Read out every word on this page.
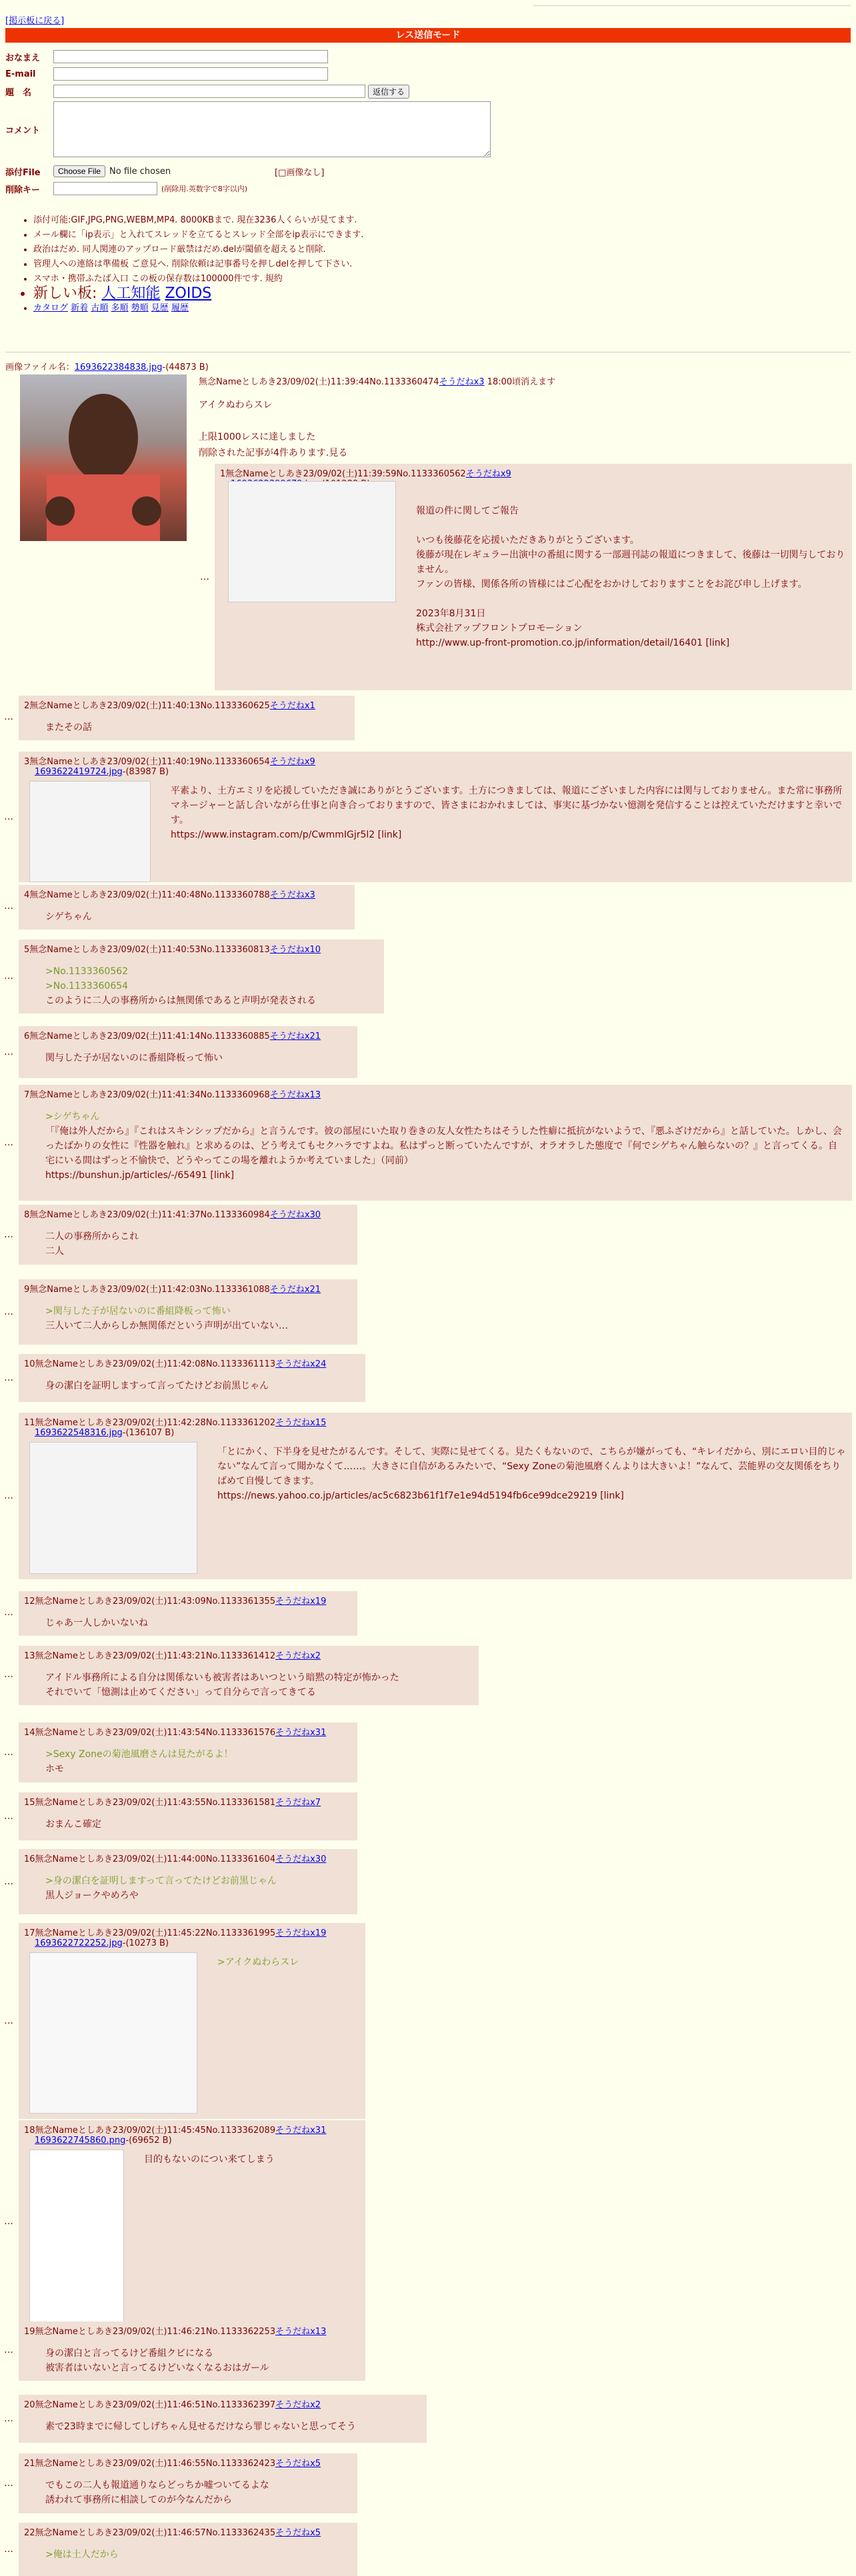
[掲示板に戻る]
レス送信モード
おなまえ
E-mail
題　名	返信する
コメント
添付File	Choose File	No file chosen	[□画像なし]
削除キー	(削除用.英数字で8字以内)
• 添付可能:GIF,JPG,PNG,WEBM,MP4. 8000KBまで. 現在3236人くらいが見てます.
• メール欄に「ip表示」と入れてスレッドを立てるとスレッド全部をip表示にできます.
• 政治はだめ. 同人関連のアップロード厳禁はだめ.delが閾値を超えると削除.
• 管理人への連絡は準備板 ご意見へ. 削除依頼は記事番号を押しdelを押して下さい.
• スマホ・携帯ふたば入口 この板の保存数は100000件です. 規約
• 新しい板: 人工知能 ZOIDS
• カタログ 新着 古順 多順 勢順 見歴 履歴
画像ファイル名：1693622384838.jpg-(44873 B)
無念Nameとしあき23/09/02(土)11:39:44No.1133360474そうだねx3 18:00頃消えます
アイクぬわらスレ
上限1000レスに達しました
削除された記事が4件あります.見る
…
1無念Nameとしあき23/09/02(土)11:39:59No.1133360562そうだねx9
報道の件に関してご報告
いつも後藤花を応援いただきありがとうございます。
後藤が現在レギュラー出演中の番組に関する一部週刊誌の報道につきまして、後藤は一切関与しておりません。
ファンの皆様、関係各所の皆様にはご心配をおかけしておりますことをお詫び申し上げます。
2023年8月31日
株式会社アップフロントプロモーション
http://www.up-front-promotion.co.jp/information/detail/16401 [link]
…
2無念Nameとしあき23/09/02(土)11:40:13No.1133360625そうだねx1
またその話
…
3無念Nameとしあき23/09/02(土)11:40:19No.1133360654そうだねx9
1693622419724.jpg-(83987 B)
平素より、土方エミリを応援していただき誠にありがとうございます。土方につきましては、報道にございました内容には関与しておりません。また常に事務所マネージャーと話し合いながら仕事と向き合っておりますので、皆さまにおかれましては、事実に基づかない憶測を発信することは控えていただけますと幸いです。
https://www.instagram.com/p/CwmmIGjr5l2 [link]
…
4無念Nameとしあき23/09/02(土)11:40:48No.1133360788そうだねx3
シゲちゃん
…
5無念Nameとしあき23/09/02(土)11:40:53No.1133360813そうだねx10
>No.1133360562
>No.1133360654
このように二人の事務所からは無関係であると声明が発表される
…
6無念Nameとしあき23/09/02(土)11:41:14No.1133360885そうだねx21
関与した子が居ないのに番組降板って怖い
…
7無念Nameとしあき23/09/02(土)11:41:34No.1133360968そうだねx13
>シゲちゃん
「『俺は外人だから』『これはスキンシップだから』と言うんです。彼の部屋にいた取り巻きの友人女性たちはそうした性癖に抵抗がないようで、『悪ふざけだから』と話していた。しかし、会ったばかりの女性に『性器を触れ』と求めるのは、どう考えてもセクハラですよね。私はずっと断っていたんですが、オラオラした態度で『何でシゲちゃん触らないの？』と言ってくる。自宅にいる間はずっと不愉快で、どうやってこの場を離れようか考えていました」（同前）
https://bunshun.jp/articles/-/65491 [link]
…
8無念Nameとしあき23/09/02(土)11:41:37No.1133360984そうだねx30
二人の事務所からこれ
二人
…
9無念Nameとしあき23/09/02(土)11:42:03No.1133361088そうだねx21
>関与した子が居ないのに番組降板って怖い
三人いて二人からしか無関係だという声明が出ていない…
…
10無念Nameとしあき23/09/02(土)11:42:08No.1133361113そうだねx24
身の潔白を証明しますって言ってたけどお前黒じゃん
…
11無念Nameとしあき23/09/02(土)11:42:28No.1133361202そうだねx15
1693622548316.jpg-(136107 B)
「とにかく、下半身を見せたがるんです。そして、実際に見せてくる。見たくもないので、こちらが嫌がっても、“キレイだから、別にエロい目的じゃない”なんて言って聞かなくて……。大きさに自信があるみたいで、“Sexy Zoneの菊池風磨くんよりは大きいよ！”なんて、芸能界の交友関係をちりばめて自慢してきます。
https://news.yahoo.co.jp/articles/ac5c6823b61f1f7e1e94d5194fb6ce99dce29219 [link]
…
12無念Nameとしあき23/09/02(土)11:43:09No.1133361355そうだねx19
じゃあ一人しかいないね
…
13無念Nameとしあき23/09/02(土)11:43:21No.1133361412そうだねx2
アイドル事務所による自分は関係ないも被害者はあいつという暗黙の特定が怖かった
それでいて「憶測は止めてください」って自分らで言ってきてる
…
14無念Nameとしあき23/09/02(土)11:43:54No.1133361576そうだねx31
>Sexy Zoneの菊池風磨さんは見たがるよ！
ホモ
…
15無念Nameとしあき23/09/02(土)11:43:55No.1133361581そうだねx7
おまんこ確定
…
16無念Nameとしあき23/09/02(土)11:44:00No.1133361604そうだねx30
>身の潔白を証明しますって言ってたけどお前黒じゃん
黒人ジョークやめろや
…
17無念Nameとしあき23/09/02(土)11:45:22No.1133361995そうだねx19
1693622722252.jpg-(10273 B)
>アイクぬわらスレ
…
18無念Nameとしあき23/09/02(土)11:45:45No.1133362089そうだねx31
1693622745860.png-(69652 B)
目的もないのについ来てしまう
…
19無念Nameとしあき23/09/02(土)11:46:21No.1133362253そうだねx13
身の潔白と言ってるけど番組クビになる
被害者はいないと言ってるけどいなくなるおはガール
…
20無念Nameとしあき23/09/02(土)11:46:51No.1133362397そうだねx2
素で23時までに帰してしげちゃん見せるだけなら罪じゃないと思ってそう
…
21無念Nameとしあき23/09/02(土)11:46:55No.1133362423そうだねx5
でもこの二人も報道通りならどっちか嘘ついてるよな
誘われて事務所に相談してのが今なんだから
…
22無念Nameとしあき23/09/02(土)11:46:57No.1133362435そうだねx5
>俺は土人だから
